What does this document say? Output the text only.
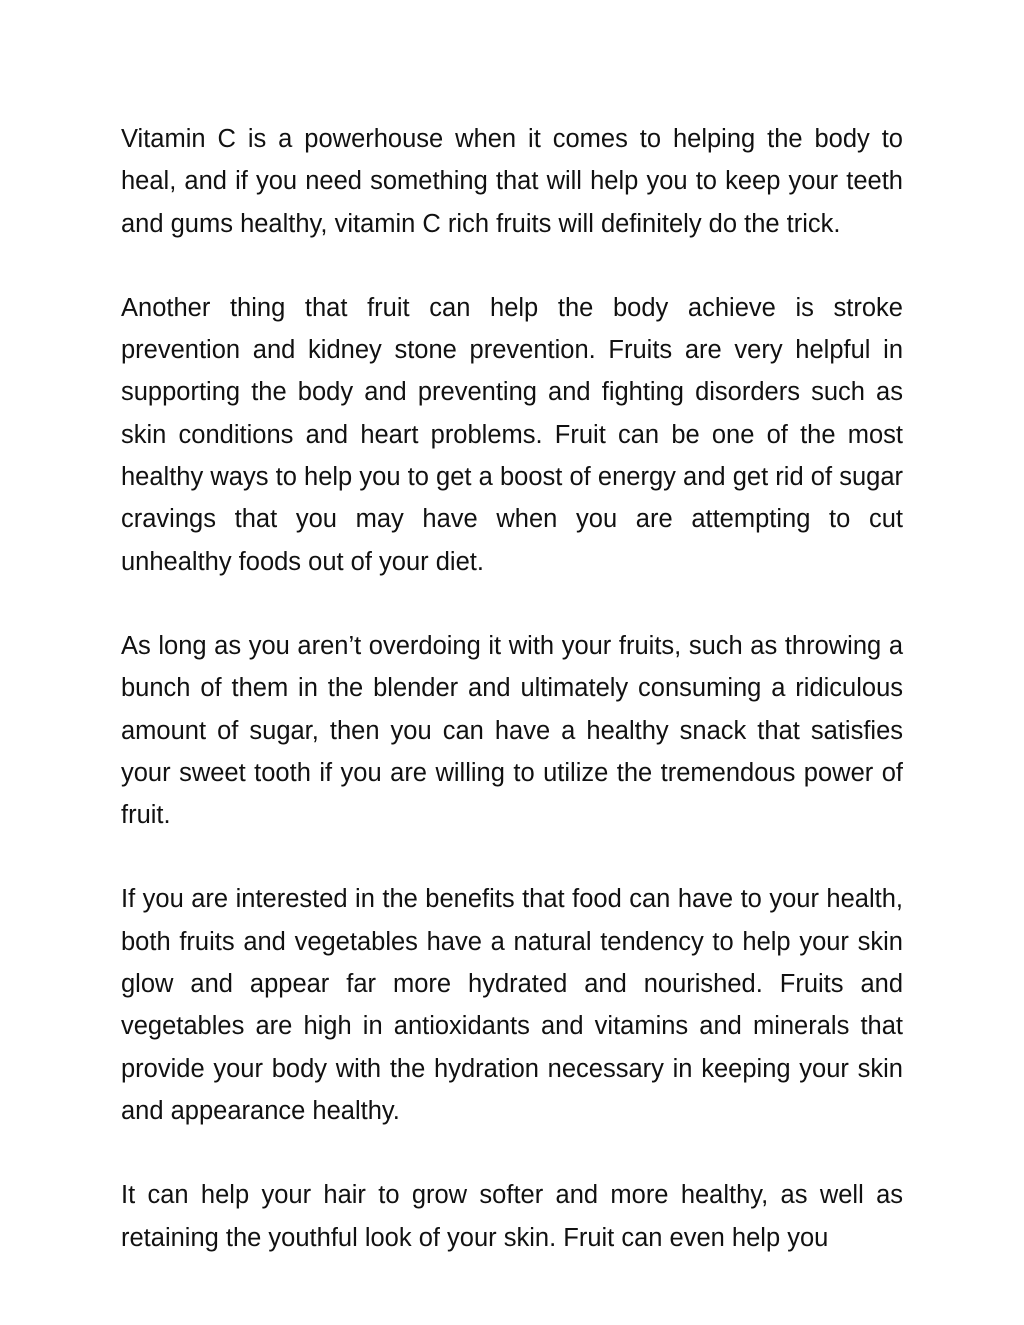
Vitamin C is a powerhouse when it comes to helping the body to heal, and if you need something that will help you to keep your teeth and gums healthy, vitamin C rich fruits will definitely do the trick.

Another thing that fruit can help the body achieve is stroke prevention and kidney stone prevention. Fruits are very helpful in supporting the body and preventing and fighting disorders such as skin conditions and heart problems. Fruit can be one of the most healthy ways to help you to get a boost of energy and get rid of sugar cravings that you may have when you are attempting to cut unhealthy foods out of your diet.

As long as you aren’t overdoing it with your fruits, such as throwing a bunch of them in the blender and ultimately consuming a ridiculous amount of sugar, then you can have a healthy snack that satisfies your sweet tooth if you are willing to utilize the tremendous power of fruit.

If you are interested in the benefits that food can have to your health, both fruits and vegetables have a natural tendency to help your skin glow and appear far more hydrated and nourished. Fruits and vegetables are high in antioxidants and vitamins and minerals that provide your body with the hydration necessary in keeping your skin and appearance healthy.

It can help your hair to grow softer and more healthy, as well as retaining the youthful look of your skin. Fruit can even help you
